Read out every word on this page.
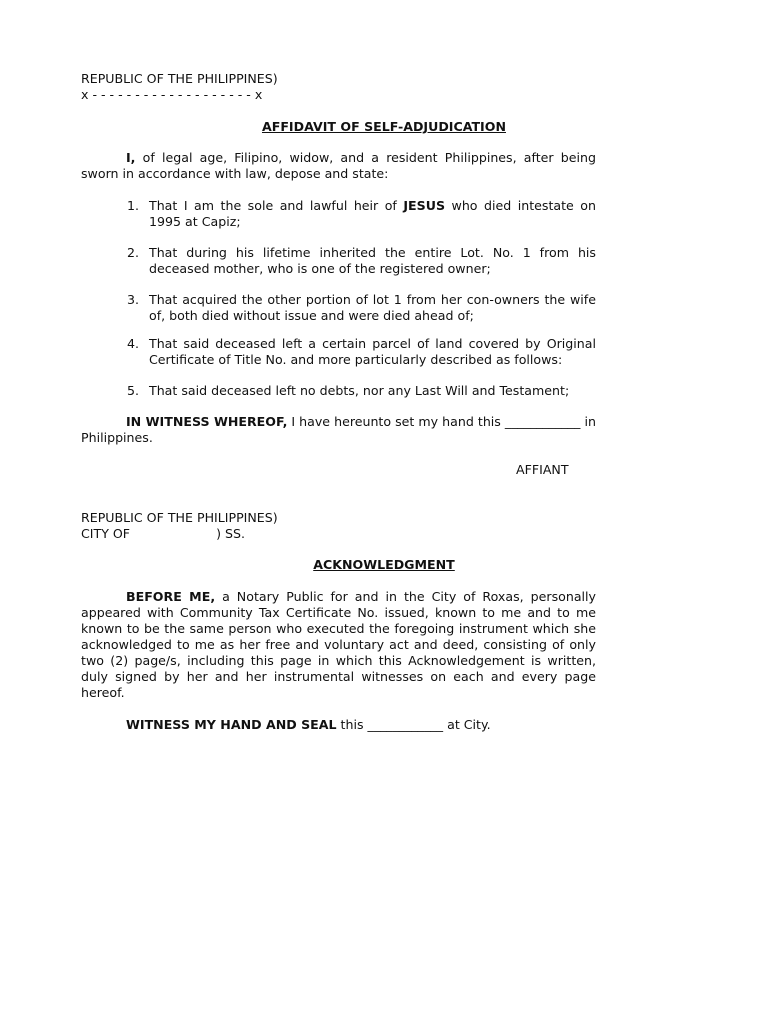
REPUBLIC OF THE PHILIPPINES)
x - - - - - - - - - - - - - - - - - - - x
AFFIDAVIT OF SELF-ADJUDICATION
I, of legal age, Filipino, widow, and a resident Philippines, after being sworn in accordance with law, depose and state:
1. That I am the sole and lawful heir of JESUS who died intestate on 1995 at Capiz;
2. That during his lifetime inherited the entire Lot. No. 1 from his deceased mother, who is one of the registered owner;
3. That acquired the other portion of lot 1 from her con-owners the wife of, both died without issue and were died ahead of;
4. That said deceased left a certain parcel of land covered by Original Certificate of Title No. and more particularly described as follows:
5. That said deceased left no debts, nor any Last Will and Testament;
IN WITNESS WHEREOF, I have hereunto set my hand this ____________ in Philippines.
AFFIANT
REPUBLIC OF THE PHILIPPINES)
CITY OF	) SS.
ACKNOWLEDGMENT
BEFORE ME, a Notary Public for and in the City of Roxas, personally appeared with Community Tax Certificate No. issued, known to me and to me known to be the same person who executed the foregoing instrument which she acknowledged to me as her free and voluntary act and deed, consisting of only two (2) page/s, including this page in which this Acknowledgement is written, duly signed by her and her instrumental witnesses on each and every page hereof.
WITNESS MY HAND AND SEAL this ____________ at City.
